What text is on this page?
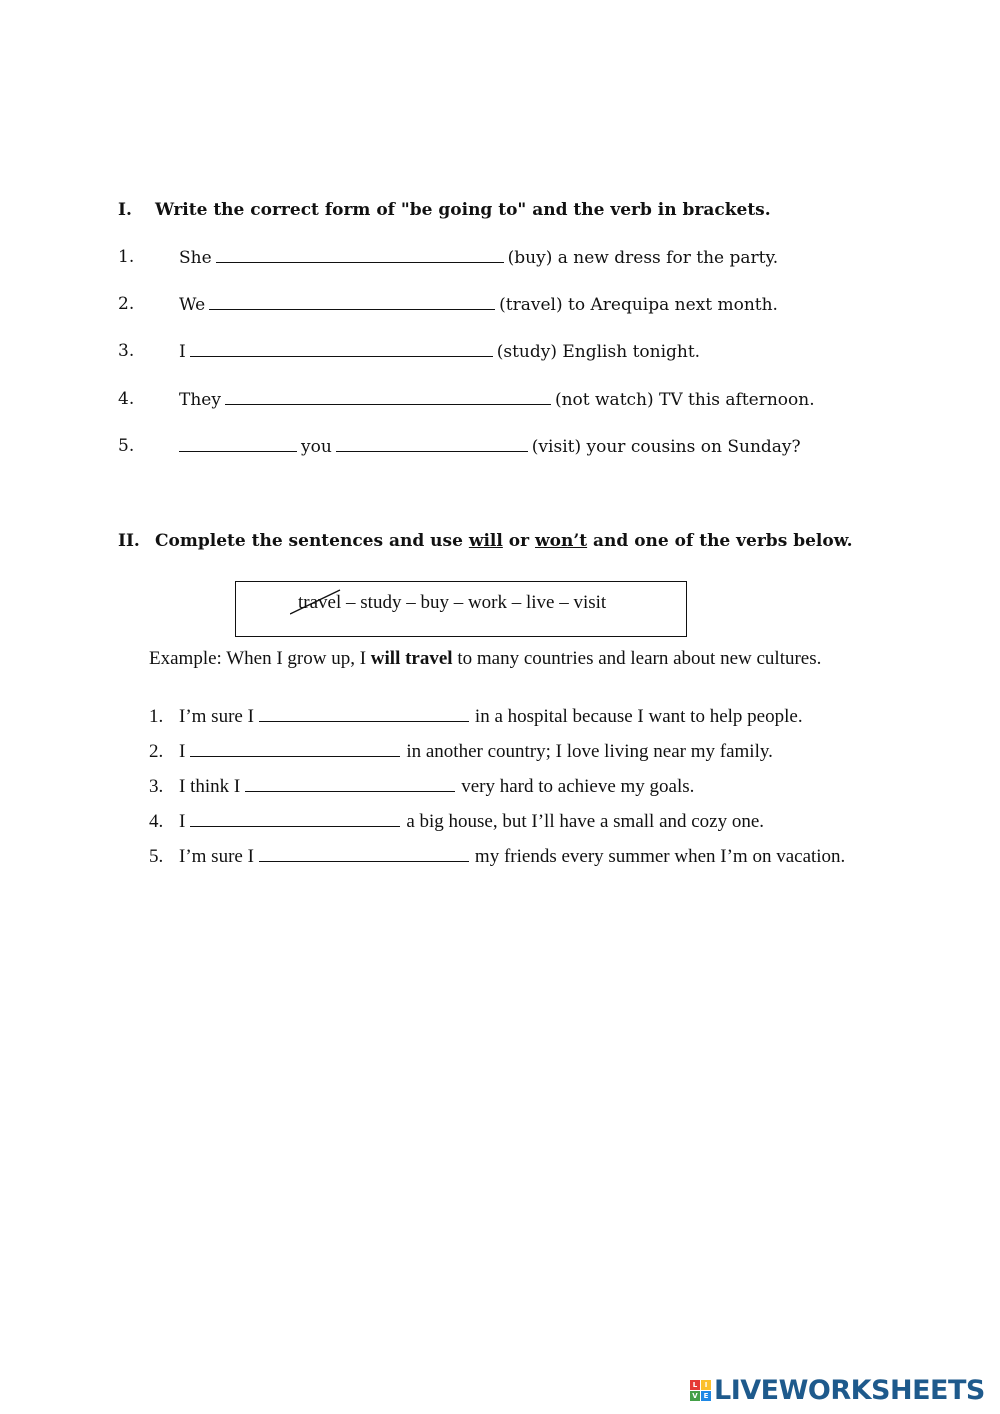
I. Write the correct form of "be going to" and the verb in brackets.
1.	She	(buy) a new dress for the party.
2.	We	(travel) to Arequipa next month.
3.	I	(study) English tonight.
4.	They	(not watch) TV this afternoon.
5.	you	(visit) your cousins on Sunday?
II. Complete the sentences and use will or won’t and one of the verbs below.
travel
– study – buy – work – live – visit
Example: When I grow up, I will travel to many countries and learn about new cultures.
1. I’m sure I	in a hospital because I want to help people.
2. I	in another country; I love living near my family.
3. I think I	very hard to achieve my goals.
4. I	a big house, but I’ll have a small and cozy one.
5. I’m sure I	my friends every summer when I’m on vacation.
L	I
V E LIVEWORKSHEETS
